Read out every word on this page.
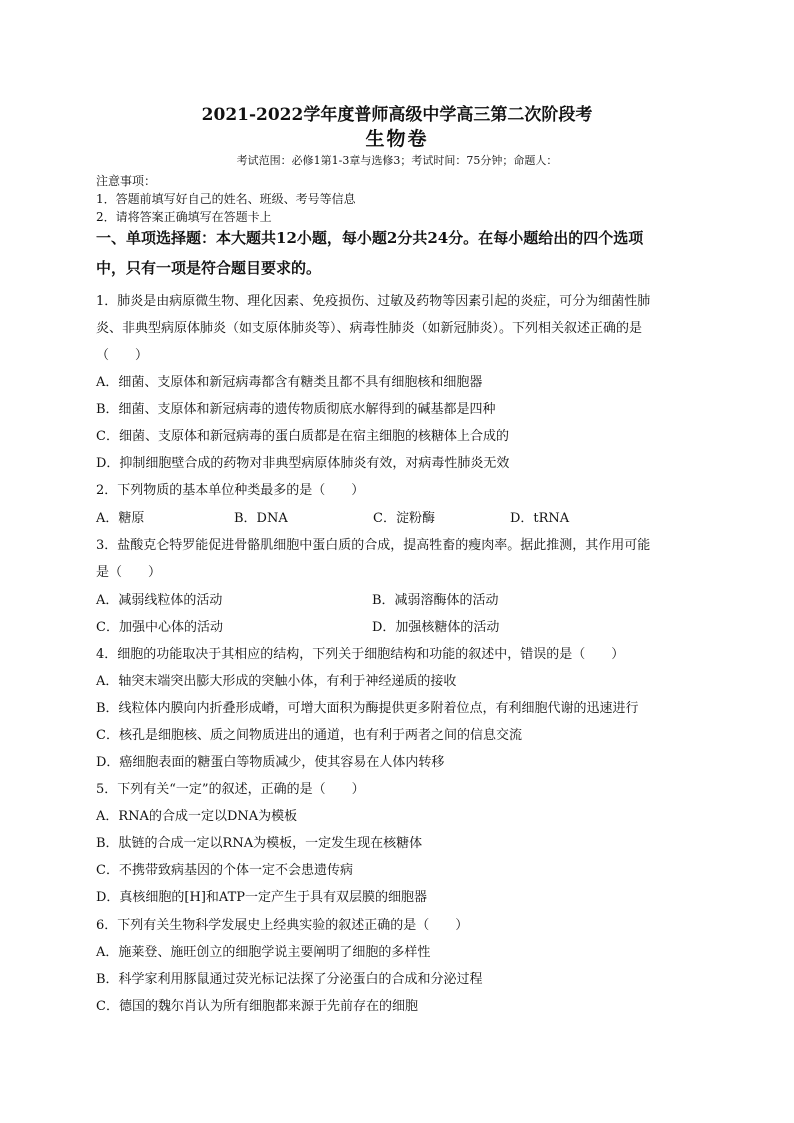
2021-2022学年度普师高级中学高三第二次阶段考
生物卷
考试范围：必修1第1-3章与选修3；考试时间：75分钟；命题人：
注意事项：
1．答题前填写好自己的姓名、班级、考号等信息
2．请将答案正确填写在答题卡上
一、单项选择题：本大题共12小题，每小题2分共24分。在每小题给出的四个选项
中，只有一项是符合题目要求的。
1．肺炎是由病原微生物、理化因素、免疫损伤、过敏及药物等因素引起的炎症，可分为细菌性肺
炎、非典型病原体肺炎（如支原体肺炎等）、病毒性肺炎（如新冠肺炎）。下列相关叙述正确的是
（　　）
A．细菌、支原体和新冠病毒都含有糖类且都不具有细胞核和细胞器
B．细菌、支原体和新冠病毒的遗传物质彻底水解得到的碱基都是四种
C．细菌、支原体和新冠病毒的蛋白质都是在宿主细胞的核糖体上合成的
D．抑制细胞壁合成的药物对非典型病原体肺炎有效，对病毒性肺炎无效
2．下列物质的基本单位种类最多的是（　　）
A．糖原	B．DNA	C．淀粉酶	D．tRNA
3．盐酸克仑特罗能促进骨骼肌细胞中蛋白质的合成，提高牲畜的瘦肉率。据此推测，其作用可能
是（　　）
A．减弱线粒体的活动	B．减弱溶酶体的活动
C．加强中心体的活动	D．加强核糖体的活动
4．细胞的功能取决于其相应的结构，下列关于细胞结构和功能的叙述中，错误的是（　　）
A．轴突末端突出膨大形成的突触小体，有利于神经递质的接收
B．线粒体内膜向内折叠形成嵴，可增大面积为酶提供更多附着位点，有利细胞代谢的迅速进行
C．核孔是细胞核、质之间物质进出的通道，也有利于两者之间的信息交流
D．癌细胞表面的糖蛋白等物质减少，使其容易在人体内转移
5．下列有关“一定”的叙述，正确的是（　　）
A．RNA的合成一定以DNA为模板
B．肽链的合成一定以RNA为模板，一定发生现在核糖体
C．不携带致病基因的个体一定不会患遗传病
D．真核细胞的[H]和ATP一定产生于具有双层膜的细胞器
6．下列有关生物科学发展史上经典实验的叙述正确的是（　　）
A．施莱登、施旺创立的细胞学说主要阐明了细胞的多样性
B．科学家利用豚鼠通过荧光标记法探了分泌蛋白的合成和分泌过程
C．德国的魏尔肖认为所有细胞都来源于先前存在的细胞
